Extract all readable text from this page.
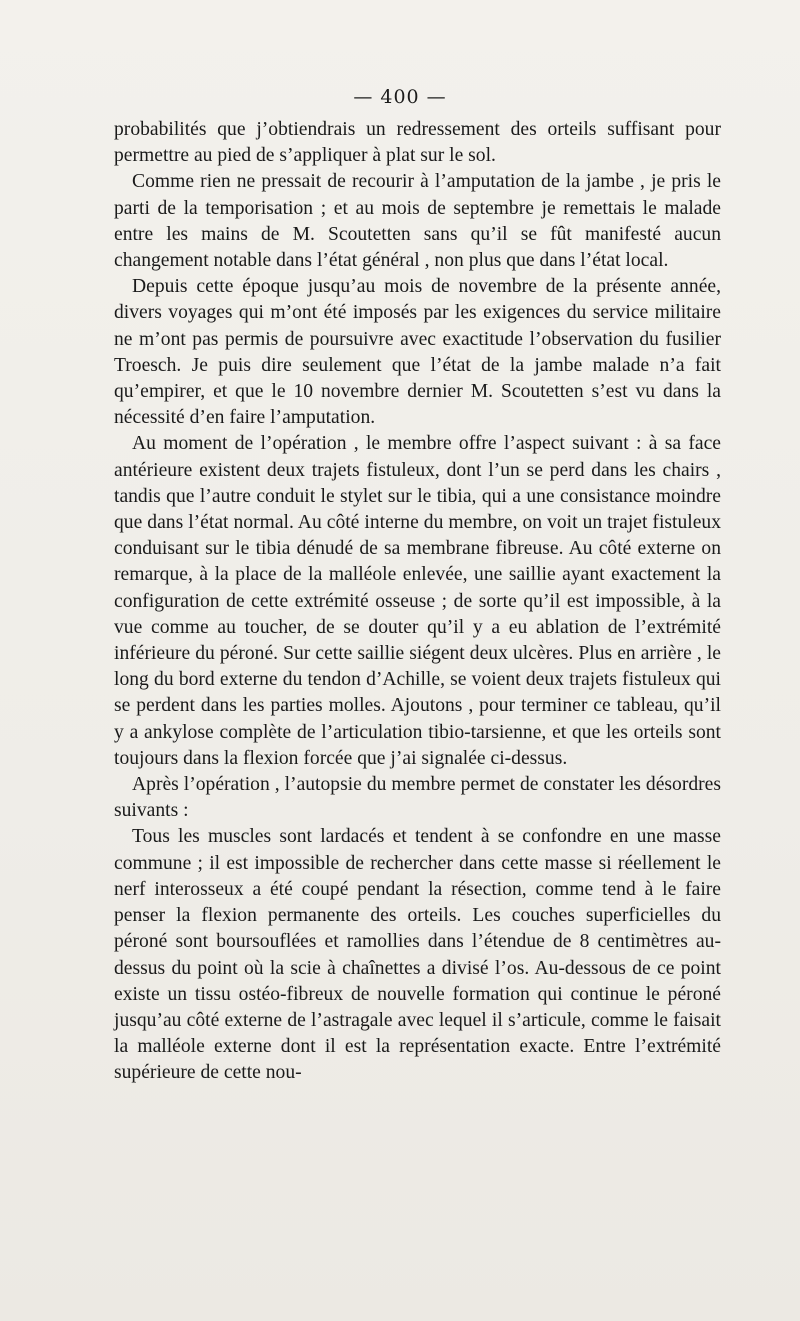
— 400 —

probabilités que j’obtiendrais un redressement des orteils suffisant pour permettre au pied de s’appliquer à plat sur le sol.

Comme rien ne pressait de recourir à l’amputation de la jambe , je pris le parti de la temporisation ; et au mois de septembre je remettais le malade entre les mains de M. Scoutetten sans qu’il se fût manifesté aucun changement notable dans l’état général , non plus que dans l’état local.

Depuis cette époque jusqu’au mois de novembre de la présente année, divers voyages qui m’ont été imposés par les exigences du service militaire ne m’ont pas permis de poursuivre avec exactitude l’observation du fusilier Troesch. Je puis dire seulement que l’état de la jambe malade n’a fait qu’empirer, et que le 10 novembre dernier M. Scoutetten s’est vu dans la nécessité d’en faire l’amputation.

Au moment de l’opération , le membre offre l’aspect suivant : à sa face antérieure existent deux trajets fistuleux, dont l’un se perd dans les chairs , tandis que l’autre conduit le stylet sur le tibia, qui a une consistance moindre que dans l’état normal. Au côté interne du membre, on voit un trajet fistuleux conduisant sur le tibia dénudé de sa membrane fibreuse. Au côté externe on remarque, à la place de la malléole enlevée, une saillie ayant exactement la configuration de cette extrémité osseuse ; de sorte qu’il est impossible, à la vue comme au toucher, de se douter qu’il y a eu ablation de l’extrémité inférieure du péroné. Sur cette saillie siégent deux ulcères. Plus en arrière , le long du bord externe du tendon d’Achille, se voient deux trajets fistuleux qui se perdent dans les parties molles. Ajoutons , pour terminer ce tableau, qu’il y a ankylose complète de l’articulation tibio-tarsienne, et que les orteils sont toujours dans la flexion forcée que j’ai signalée ci-dessus.

Après l’opération , l’autopsie du membre permet de constater les désordres suivants :

Tous les muscles sont lardacés et tendent à se confondre en une masse commune ; il est impossible de rechercher dans cette masse si réellement le nerf interosseux a été coupé pendant la résection, comme tend à le faire penser la flexion permanente des orteils. Les couches superficielles du péroné sont boursouflées et ramollies dans l’étendue de 8 centimètres au-dessus du point où la scie à chaînettes a divisé l’os. Au-dessous de ce point existe un tissu ostéo-fibreux de nouvelle formation qui continue le péroné jusqu’au côté externe de l’astragale avec lequel il s’articule, comme le faisait la malléole externe dont il est la représentation exacte. Entre l’extrémité supérieure de cette nou-
